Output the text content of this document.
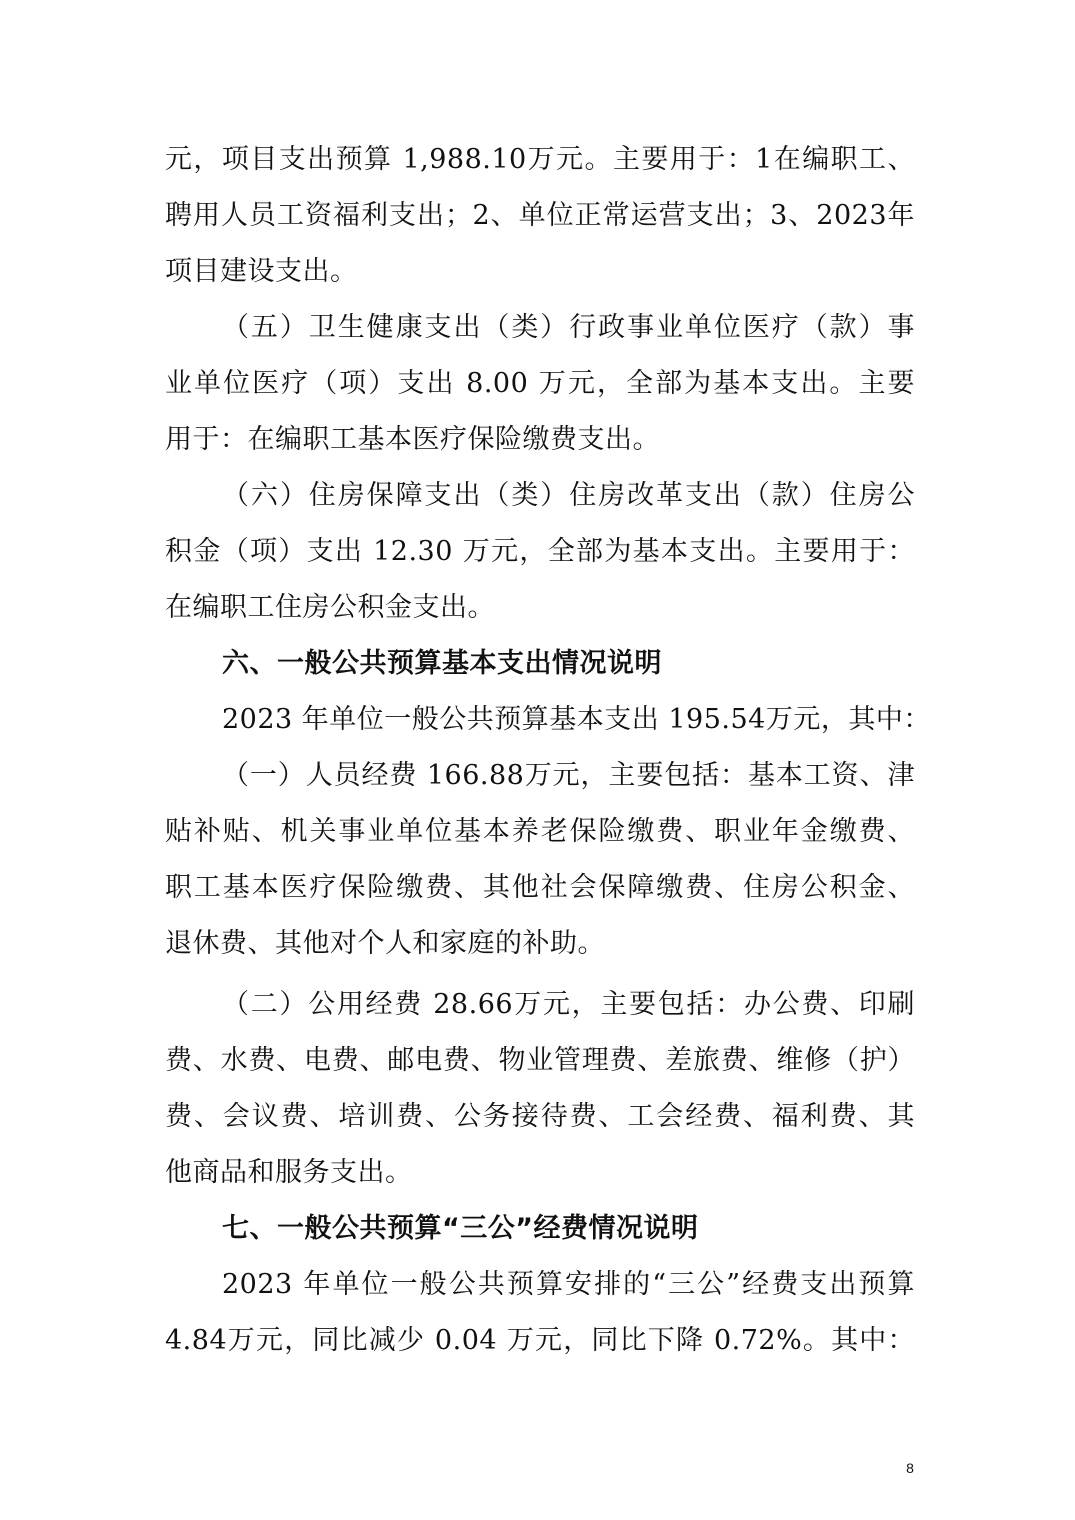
元，项目支出预算 1,988.10万元。主要用于：1在编职工、
聘用人员工资福利支出；2、单位正常运营支出；3、2023年
项目建设支出。
（五）卫生健康支出（类）行政事业单位医疗（款）事
业单位医疗（项）支出 8.00 万元，全部为基本支出。主要
用于：在编职工基本医疗保险缴费支出。
（六）住房保障支出（类）住房改革支出（款）住房公
积金（项）支出 12.30 万元，全部为基本支出。主要用于：
在编职工住房公积金支出。
六、一般公共预算基本支出情况说明
2023 年单位一般公共预算基本支出 195.54万元，其中：
（一）人员经费 166.88万元，主要包括：基本工资、津
贴补贴、机关事业单位基本养老保险缴费、职业年金缴费、
职工基本医疗保险缴费、其他社会保障缴费、住房公积金、
退休费、其他对个人和家庭的补助。
（二）公用经费 28.66万元，主要包括：办公费、印刷
费、水费、电费、邮电费、物业管理费、差旅费、维修（护）
费、会议费、培训费、公务接待费、工会经费、福利费、其
他商品和服务支出。
七、一般公共预算“三公”经费情况说明
2023 年单位一般公共预算安排的“三公”经费支出预算
4.84万元，同比减少 0.04 万元，同比下降 0.72%。其中：
8
